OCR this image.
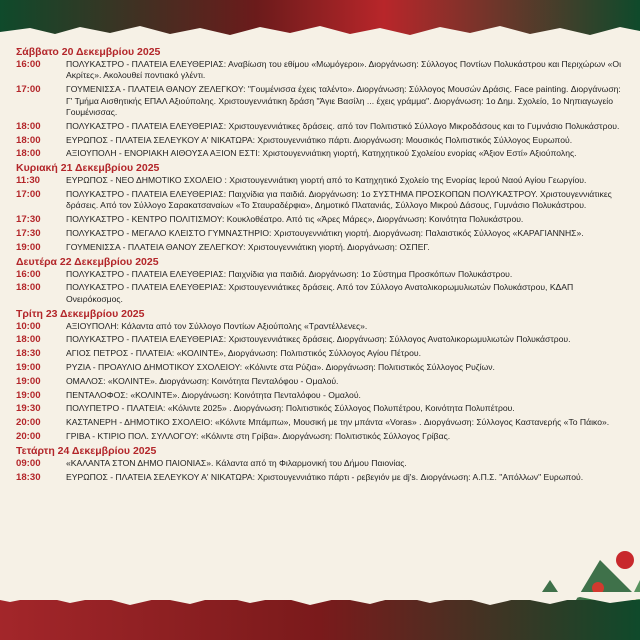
Σάββατο 20 Δεκεμβρίου 2025
16:00	ΠΟΛΥΚΑΣΤΡΟ - ΠΛΑΤΕΙΑ ΕΛΕΥΘΕΡΙΑΣ: Αναβίωση του εθίμου «Μωμόγεροι». Διοργάνωση: Σύλλογος Ποντίων Πολυκάστρου και Περιχώρων «Οι Ακρίτες». Ακολουθεί ποντιακό γλέντι.
17:00	ΓΟΥΜΕΝΙΣΣΑ - ΠΛΑΤΕΙΑ ΘΑΝΟΥ ΖΕΛΕΓΚΟΥ: "Γουμένισσα έχεις ταλέντο». Διοργάνωση: Σύλλογος Μουσών Δράσις. Face painting. Διοργάνωση: Γ' Τμήμα Αισθητικής ΕΠΑΛ Αξιούπολης. Χριστουγεννιάτικη δράση "Άγιε Βασίλη ... έχεις γράμμα". Διοργάνωση: 1ο Δημ. Σχολείο, 1ο Νηπιαγωγείο Γουμένισσας.
18:00	ΠΟΛΥΚΑΣΤΡΟ - ΠΛΑΤΕΙΑ ΕΛΕΥΘΕΡΙΑΣ: Χριστουγεννιάτικες δράσεις. από τον Πολιτιστικό Σύλλογο Μικροδάσους και το Γυμνάσιο Πολυκάστρου.
18:00	ΕΥΡΩΠΟΣ - ΠΛΑΤΕΙΑ ΣΕΛΕΥΚΟΥ Α' ΝΙΚΑΤΩΡΑ: Χριστουγεννιάτικο πάρτι. Διοργάνωση: Μουσικός Πολιτιστικός Σύλλογος Ευρωπού.
18:00	ΑΞΙΟΥΠΟΛΗ - ΕΝΟΡΙΑΚΗ ΑΙΘΟΥΣΑ ΑΞΙΟΝ ΕΣΤΙ: Χριστουγεννιάτικη γιορτή, Κατηχητικού Σχολείου ενορίας «Άξιον Εστί» Αξιούπολης.
Κυριακή 21 Δεκεμβρίου 2025
11:30	ΕΥΡΩΠΟΣ - ΝΕΟ ΔΗΜΟΤΙΚΟ ΣΧΟΛΕΙΟ : Χριστουγεννιάτικη γιορτή από το Κατηχητικό Σχολείο της Ενορίας Ιερού Ναού Αγίου Γεωργίου.
17:00	ΠΟΛΥΚΑΣΤΡΟ - ΠΛΑΤΕΙΑ ΕΛΕΥΘΕΡΙΑΣ: Παιχνίδια για παιδιά. Διοργάνωση: 1ο ΣΥΣΤΗΜΑ ΠΡΟΣΚΟΠΩΝ ΠΟΛΥΚΑΣΤΡΟΥ. Χριστουγεννιάτικες δράσεις. Από τον Σύλλογο Σαρακατσαναίων «Το Σταυραδέρφια», Δημοτικό Πλατανιάς, Σύλλογο Μικρού Δάσους, Γυμνάσιο Πολυκάστρου.
17:30	ΠΟΛΥΚΑΣΤΡΟ - ΚΕΝΤΡΟ ΠΟΛΙΤΙΣΜΟΥ: Κουκλοθέατρο. Από τις «Άρες Μάρες», Διοργάνωση: Κοινότητα Πολυκάστρου.
17:30	ΠΟΛΥΚΑΣΤΡΟ - ΜΕΓΑΛΟ ΚΛΕΙΣΤΟ ΓΥΜΝΑΣΤΗΡΙΟ: Χριστουγεννιάτικη γιορτή. Διοργάνωση: Παλαιστικός Σύλλογος «ΚΑΡΑΓΙΑΝΝΗΣ».
19:00	ΓΟΥΜΕΝΙΣΣΑ - ΠΛΑΤΕΙΑ ΘΑΝΟΥ ΖΕΛΕΓΚΟΥ: Χριστουγεννιάτικη γιορτή. Διοργάνωση: ΟΣΠΕΓ.
Δευτέρα 22 Δεκεμβρίου 2025
16:00	ΠΟΛΥΚΑΣΤΡΟ - ΠΛΑΤΕΙΑ ΕΛΕΥΘΕΡΙΑΣ: Παιχνίδια για παιδιά. Διοργάνωση: 1ο Σύστημα Προσκόπων Πολυκάστρου.
18:00	ΠΟΛΥΚΑΣΤΡΟ - ΠΛΑΤΕΙΑ ΕΛΕΥΘΕΡΙΑΣ: Χριστουγεννιάτικες δράσεις. Από τον Σύλλογο Ανατολικορωμυλιωτών Πολυκάστρου, ΚΔΑΠ Ονειρόκοσμος.
Τρίτη 23 Δεκεμβρίου 2025
10:00	ΑΞΙΟΥΠΟΛΗ: Κάλαντα από τον Σύλλογο Ποντίων Αξιούπολης «Τραντέλλενες».
18:00	ΠΟΛΥΚΑΣΤΡΟ - ΠΛΑΤΕΙΑ ΕΛΕΥΘΕΡΙΑΣ: Χριστουγεννιάτικες δράσεις. Διοργάνωση: Σύλλογος Ανατολικορωμυλιωτών Πολυκάστρου.
18:30	ΑΓΙΟΣ ΠΕΤΡΟΣ - ΠΛΑΤΕΙΑ: «ΚΟΛΙΝΤΕ», Διοργάνωση: Πολιτιστικός Σύλλογος Αγίου Πέτρου.
19:00	ΡΥΖΙΑ - ΠΡΟΑΥΛΙΟ ΔΗΜΟΤΙΚΟΥ ΣΧΟΛΕΙΟΥ: «Κόλιντε στα Ρύζια». Διοργάνωση: Πολιτιστικός Σύλλογος Ρυζίων.
19:00	ΟΜΑΛΟΣ: «ΚΟΛΙΝΤΕ». Διοργάνωση: Κοινότητα Πενταλόφου - Ομαλού.
19:00	ΠΕΝΤΑΛΟΦΟΣ: «ΚΟΛΙΝΤΕ». Διοργάνωση: Κοινότητα Πενταλόφου - Ομαλού.
19:30	ΠΟΛΥΠΕΤΡΟ - ΠΛΑΤΕΙΑ: «Κόλιντε 2025» . Διοργάνωση: Πολιτιστικός Σύλλογος Πολυπέτρου, Κοινότητα Πολυπέτρου.
20:00	ΚΑΣΤΑΝΕΡΗ - ΔΗΜΟΤΙΚΟ ΣΧΟΛΕΙΟ: «Κόλντε Μπάμπω», Μουσική με την μπάντα «Voras» . Διοργάνωση: Σύλλογος Καστανερής «Το Πάικο».
20:00	ΓΡΙΒΑ - ΚΤΙΡΙΟ ΠΟΛ. ΣΥΛΛΟΓΟΥ: «Κόλιντε στη Γρίβα». Διοργάνωση: Πολιτιστικός Σύλλογος Γρίβας.
Τετάρτη 24 Δεκεμβρίου 2025
09:00	«ΚΑΛΑΝΤΑ ΣΤΟΝ ΔΗΜΟ ΠΑΙΟΝΙΑΣ». Κάλαντα από τη Φιλαρμονική του Δήμου Παιονίας.
18:30	ΕΥΡΩΠΟΣ - ΠΛΑΤΕΙΑ ΣΕΛΕΥΚΟΥ Α' ΝΙΚΑΤΩΡΑ: Χριστουγεννιάτικο πάρτι - ρεβεγιόν με dj's. Διοργάνωση: Α.Π.Σ. "Απόλλων" Ευρωπού.
